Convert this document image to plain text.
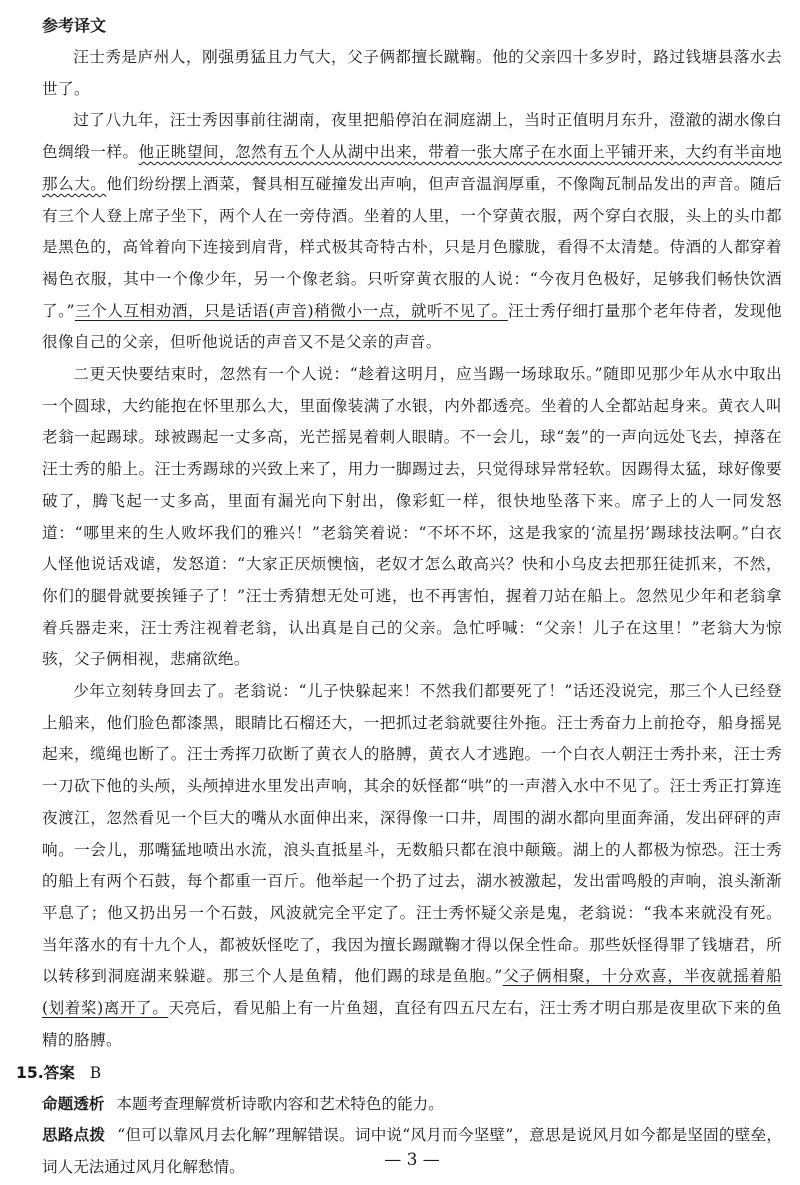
参考译文

汪士秀是庐州人，刚强勇猛且力气大，父子俩都擅长蹴鞠。他的父亲四十多岁时，路过钱塘县落水去世了。

过了八九年，汪士秀因事前往湖南，夜里把船停泊在洞庭湖上，当时正值明月东升，澄澈的湖水像白色绸缎一样。他正眺望间，忽然有五个人从湖中出来，带着一张大席子在水面上平铺开来，大约有半亩地那么大。他们纷纷摆上酒菜，餐具相互碰撞发出声响，但声音温润厚重，不像陶瓦制品发出的声音。随后有三个人登上席子坐下，两个人在一旁侍酒。坐着的人里，一个穿黄衣服，两个穿白衣服，头上的头巾都是黑色的，高耸着向下连接到肩背，样式极其奇特古朴，只是月色朦胧，看得不太清楚。侍酒的人都穿着褐色衣服，其中一个像少年，另一个像老翁。只听穿黄衣服的人说：“今夜月色极好，足够我们畅快饮酒了。”三个人互相劝酒，只是话语(声音)稍微小一点，就听不见了。汪士秀仔细打量那个老年侍者，发现他很像自己的父亲，但听他说话的声音又不是父亲的声音。

二更天快要结束时，忽然有一个人说：“趁着这明月，应当踢一场球取乐。”随即见那少年从水中取出一个圆球，大约能抱在怀里那么大，里面像装满了水银，内外都透亮。坐着的人全都站起身来。黄衣人叫老翁一起踢球。球被踢起一丈多高，光芒摇晃着刺人眼睛。不一会儿，球“轰”的一声向远处飞去，掉落在汪士秀的船上。汪士秀踢球的兴致上来了，用力一脚踢过去，只觉得球异常轻软。因踢得太猛，球好像要破了，腾飞起一丈多高，里面有漏光向下射出，像彩虹一样，很快地坠落下来。席子上的人一同发怒道：“哪里来的生人败坏我们的雅兴！”老翁笑着说：“不坏不坏，这是我家的‘流星拐’踢球技法啊。”白衣人怪他说话戏谑，发怒道：“大家正厌烦懊恼，老奴才怎么敢高兴？快和小乌皮去把那狂徒抓来，不然，你们的腿骨就要挨锤子了！”汪士秀猜想无处可逃，也不再害怕，握着刀站在船上。忽然见少年和老翁拿着兵器走来，汪士秀注视着老翁，认出真是自己的父亲。急忙呼喊：“父亲！儿子在这里！”老翁大为惊骇，父子俩相视，悲痛欲绝。

少年立刻转身回去了。老翁说：“儿子快躲起来！不然我们都要死了！”话还没说完，那三个人已经登上船来，他们脸色都漆黑，眼睛比石榴还大，一把抓过老翁就要往外拖。汪士秀奋力上前抢夺，船身摇晃起来，缆绳也断了。汪士秀挥刀砍断了黄衣人的胳膊，黄衣人才逃跑。一个白衣人朝汪士秀扑来，汪士秀一刀砍下他的头颅，头颅掉进水里发出声响，其余的妖怪都“哄”的一声潜入水中不见了。汪士秀正打算连夜渡江，忽然看见一个巨大的嘴从水面伸出来，深得像一口井，周围的湖水都向里面奔涌，发出砰砰的声响。一会儿，那嘴猛地喷出水流，浪头直抵星斗，无数船只都在浪中颠簸。湖上的人都极为惊恐。汪士秀的船上有两个石鼓，每个都重一百斤。他举起一个扔了过去，湖水被激起，发出雷鸣般的声响，浪头渐渐平息了；他又扔出另一个石鼓，风波就完全平定了。汪士秀怀疑父亲是鬼，老翁说：“我本来就没有死。当年落水的有十九个人，都被妖怪吃了，我因为擅长踢蹴鞠才得以保全性命。那些妖怪得罪了钱塘君，所以转移到洞庭湖来躲避。那三个人是鱼精，他们踢的球是鱼胞。”父子俩相聚，十分欢喜，半夜就摇着船(划着桨)离开了。天亮后，看见船上有一片鱼翅，直径有四五尺左右，汪士秀才明白那是夜里砍下来的鱼精的胳膊。

15.答案 B

命题透析 本题考查理解赏析诗歌内容和艺术特色的能力。

思路点拨 “但可以靠风月去化解”理解错误。词中说“风月而今坚壁”，意思是说风月如今都是坚固的壁垒，词人无法通过风月化解愁情。	— 3 —
